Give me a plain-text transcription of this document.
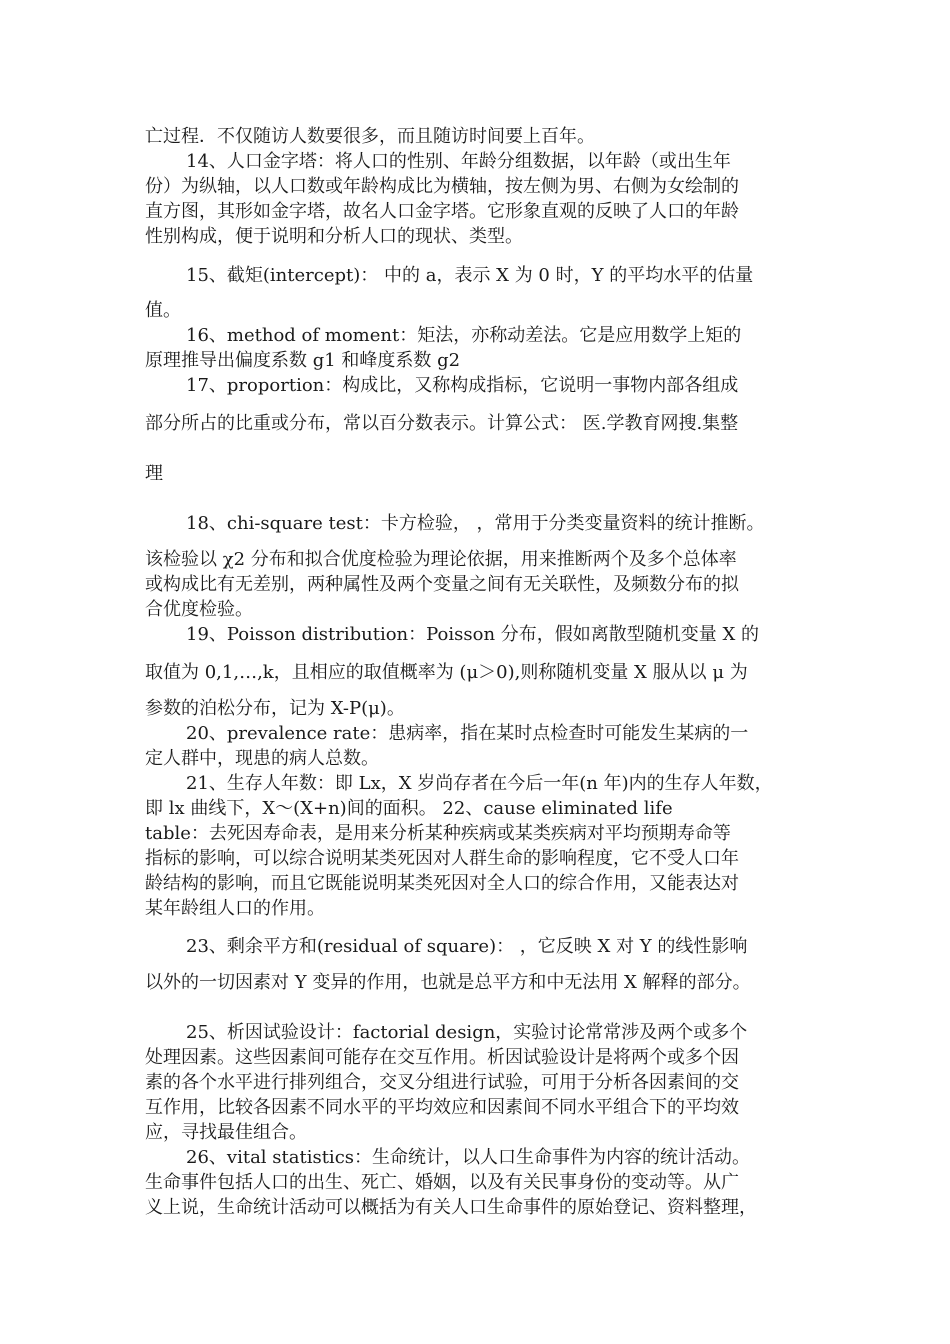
亡过程．不仅随访人数要很多，而且随访时间要上百年。
14、人口金字塔：将人口的性别、年龄分组数据，以年龄（或出生年
份）为纵轴，以人口数或年龄构成比为横轴，按左侧为男、右侧为女绘制的
直方图，其形如金字塔，故名人口金字塔。它形象直观的反映了人口的年龄
性别构成，便于说明和分析人口的现状、类型。
15、截矩(intercept)： 中的 a，表示 X 为 0 时，Y 的平均水平的估量
值。
16、method of moment：矩法，亦称动差法。它是应用数学上矩的
原理推导出偏度系数 g1 和峰度系数 g2
17、proportion：构成比，又称构成指标，它说明一事物内部各组成
部分所占的比重或分布，常以百分数表示。计算公式： 医.学教育网搜.集整
理
18、chi-square test：卡方检验， ，常用于分类变量资料的统计推断。
该检验以 χ2 分布和拟合优度检验为理论依据，用来推断两个及多个总体率
或构成比有无差别，两种属性及两个变量之间有无关联性，及频数分布的拟
合优度检验。
19、Poisson distribution：Poisson 分布，假如离散型随机变量 X 的
取值为 0,1,…,k，且相应的取值概率为 (μ＞0),则称随机变量 X 服从以 μ 为
参数的泊松分布，记为 X-P(μ)。
20、prevalence rate：患病率，指在某时点检查时可能发生某病的一
定人群中，现患的病人总数。
21、生存人年数：即 Lx，X 岁尚存者在今后一年(n 年)内的生存人年数，
即 lx 曲线下，X～(X+n)间的面积。 22、cause eliminated life
table：去死因寿命表，是用来分析某种疾病或某类疾病对平均预期寿命等
指标的影响，可以综合说明某类死因对人群生命的影响程度，它不受人口年
龄结构的影响，而且它既能说明某类死因对全人口的综合作用，又能表达对
某年龄组人口的作用。
23、剩余平方和(residual of square)： ，它反映 X 对 Y 的线性影响
以外的一切因素对 Y 变异的作用，也就是总平方和中无法用 X 解释的部分。
25、析因试验设计：factorial design，实验讨论常常涉及两个或多个
处理因素。这些因素间可能存在交互作用。析因试验设计是将两个或多个因
素的各个水平进行排列组合，交叉分组进行试验，可用于分析各因素间的交
互作用，比较各因素不同水平的平均效应和因素间不同水平组合下的平均效
应，寻找最佳组合。
26、vital statistics：生命统计，以人口生命事件为内容的统计活动。
生命事件包括人口的出生、死亡、婚姻，以及有关民事身份的变动等。从广
义上说，生命统计活动可以概括为有关人口生命事件的原始登记、资料整理，
